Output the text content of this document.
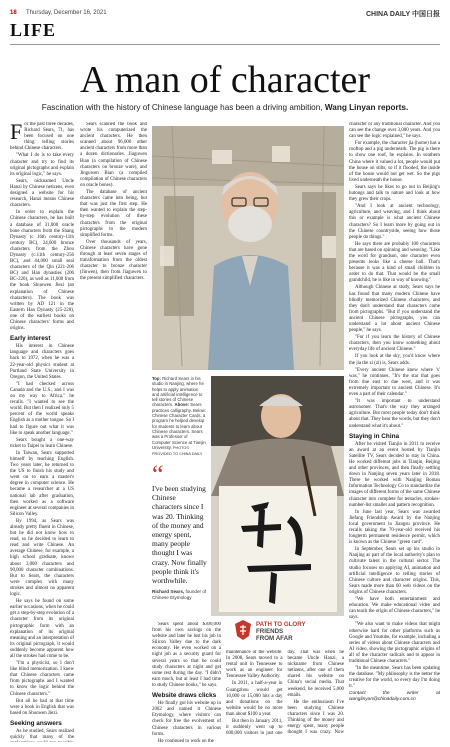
18 Thursday, December 16, 2021	CHINA DAILY 中国日报
LIFE
A man of character
Fascination with the history of Chinese language has been a driving ambition, Wang Linyan reports.

For the past three decades, Richard Sears, 71, has been focused on one thing: telling stories behind Chinese characters.

"What I do is to take every character and try to find its original pictographs and explain its original logic," he says.

Sears, nicknamed Uncle Hanzi by Chinese netizens, even designed a website for his research, Hanzi means Chinese characters.

In order to explain the Chinese characters, he has built a database of 31,000 oracle bone characters from the Shang Dynasty (c 16th century-11th century BC), 24,000 bronze characters from the Zhou Dynasty (c.11th century-256 BC), and 44,000 small seal characters of the Qin (221-206 BC) and Han dynasties (206 BC-220), as well as 11,000 from the book Shuowen Jiezi (an explanation of Chinese characters). The book was written by AD 121 in the Eastern Han Dynasty (25-220), one of the earliest books on Chinese characters' forms and origins.

Early interest

His interest in Chinese language and characters goes back to 1972, when he was a 22-year-old physics student at Portland State University in Oregon, the United States.

"I had checked across Canada and the U.S., and I was on my way to Africa," he recalls. "I wanted to see the world. But then I realized only 5 percent of the world speaks English as a mother tongue. So I had to figure out what it was like to speak another language."

Sears bought a one-way ticket to Taipei to learn Chinese.

In Taiwan, Sears supported himself by teaching English. Two years later, he returned to the US to finish his study and went on to earn a master's degree in computer science. He became a researcher at a US national lab after graduation, then worked as a software engineer at several companies in Silicon Valley.

By 1994, as Sears was already pretty fluent in Chinese, but he did not know how to read, so he decided to learn to read and write Chinese. An average Chinese, for example, a high school graduate, knows about 3,000 characters and 90,000 character combinations. But to Sears, the characters were complex with many strokes and almost no apparent logic.

He says he found on some earlier occasions, when he could get a step-by-step evolution of a character from its original pictographic form with an explanation of its original meaning and an interpretation of its original pictograph, it would suddenly become apparent how all the strokes had come to be.

"I'm a physicist, so I don't like blind memorization. I knew that Chinese characters came from pictographs and I wanted to know the logic behind the Chinese characters."

But all he had at that time were a book in English that was based on Shuowen Jiezi.

Seeking answers

As he studied, Sears realized quickly that many of the

Sears scanned the book and wrote his computerized the ancient characters. He then scanned about 96,000 other ancient characters from more than a dozen dictionaries. Jiaguwen Bian (a compilation of Chinese characters on bronze ware), and Jinguwen Bian (a compiled compilation of Chinese characters on oracle bones).

The database of ancient characters came into being, but that was just the first step. He then wanted to explain the step-by-step evolution of these characters from the original pictographs to the modern simplified forms.

Over thousands of years, Chinese characters have gone through at least seven stages of transformation from the oldest character to bronze character (Jinwen), then from Jiaguwen to the present simplified characters.

Sears spent about $300,000 from his own savings on the website and later he lost his job in Silicon Valley due to the dark economy. He even worked on a night job as a security guard for several years so that he could study characters at night and get some rest during the day. "I didn't earn much, but at least I had time to study Chinese books," he says.

Website draws clicks

He finally got his website up in 2002 and named it Chinese Etymology, where visitors can check for free the evolvement of Chinese characters in various forms.

He continued to work on the

maintenance of the website. In 2008, Sears moved to a rental unit in Tennessee to work as an engineer for Tennessee Valley Authority.

In 2011, a half-a-year in Guangzhou would get 10,000 or 15,000 hits a day and donations on the website would be no more than about $100 a year.

But then in January 2011, it suddenly went up to 600,000 visitors in just one day. That was when he became Uncle Hanzi, a nickname from Chinese netizens, after one of them shared his website on China's social media. That weekend, he received 5,000 emails.

He the enthusiasm I've been studying Chinese characters since I was 20. Thinking of the money and energy spent, many people thought I was crazy. Now

character or any traditional character. And you can see the change over 3,000 years. And you can see the logic explained," he says.

For example, the character jia (home) has a rooftop and a pig underneath. The pig is there to show one roof, he explains. In southern China where it valued a lot, people would put the house on stilts, so if it flooded, the inside of the house would not get wet. So the pigs lived underneath the house.

Sears says he likes to go out in Beijing's hutongs and talk to nature and look at how they grew their crops.

"And I look at ancient technology, agriculture, and weaving, and I think about this or example is what ancient Chinese characters? So I learn more by going out in the Chinese countryside, seeing how those people do things."

He says there are probably 100 characters that are based on spinning and weaving. "Like the word for grandson, one character even presents looks like a cheese ball. That's because it was a kind of small children in order to do that. That would be the small grandchild, he is like in way of knowing."

Although Chinese at study, Sears says he has found that many modern Chinese have blindly memorized Chinese characters, and they don't understand that characters come from pictographs. "But if you understand the ancient Chinese pictographs, you can understand a lot about ancient Chinese people," he says.

"For if you learn the history of Chinese characters, then you know something about everyday life of ancient Chinese."

If you look at the sky, you'd know where the jia the zi (zi) is, Sears adds.

"Every ancient Chinese knew where 'x' was," he continues. "It's the star that goes from due east to due west, and it was extremely important to ancient Chinese. It's even a part of their calendar."

"It was important to understand astronomer. That's the way they arranged agriculture. But most people today don't think about that. They hear the words, but they don't understand what it's about."

Staying in China

After he visited Tianjin in 2011 to receive an award at an event hosted by Tianjin Satellite TV, Sears decided to stay in China. He worked different jobs in Tianjin, Beijing and other provinces, and then finally settling down in Nanjing seven years later in 2018. There he worked with Nanjing Bomau Information Technology Co to standardize the images of different forms of the same Chinese character into complete for tentacles, strokes-number-list smaller and pattern recognition.

In June last year, Sears was awarded Jiefang Friendship Award by the Nanjing local government in Jiangsu province. He recalls taking the 70-year-old received his longterm permanent residence permit, which is known as the Chinese "green card".

In September, Sears set up his studio in Nanjing as part of the local authority's plan to cultivate talent in the cultural sector. The studio focuses on applying AI, animation and artificial intelligence to telling stories of Chinese culture and character origins. This, Sears made more than 60 web videos on the origins of Chinese characters.

"We have both entertainment and education. We make educational video and can teach the origin of Chinese characters," he says.

"We also want to make videos that might otherwise hard for other platforms such as Google and Youtube, for example, including a series of videos about Chinese characters and AI video, showing the pictographic origins of all of the character radicals and to appear in traditional Chinese characters."

"In the meantime, Sears has been updating the database. "My philosophy is the better the creative for the world, so every day I'm doing it."

Contact the writer at wanglinyan@chinadaily.com.cn

Top: Richard Sears in his studio in Nanjing, where he helps to apply animation and artificial intelligence to tell stories of Chinese characters. Above: Sears practices calligraphy. Below: Chinese Character Cards, a program he helped develop for students to learn about Chinese characters. Sears was a Professor of Computer Science at Tianjin University. PHOTOS PROVIDED TO CHINA DAILY
“
I've been studying Chinese characters since I was 20. Thinking of the money and energy spent, many people thought I was crazy. Now finally people think it's worthwhile.
Richard Sears, founder of Chinese Etymology
PATH TO GLORY
FRIENDS
FROM AFAR
